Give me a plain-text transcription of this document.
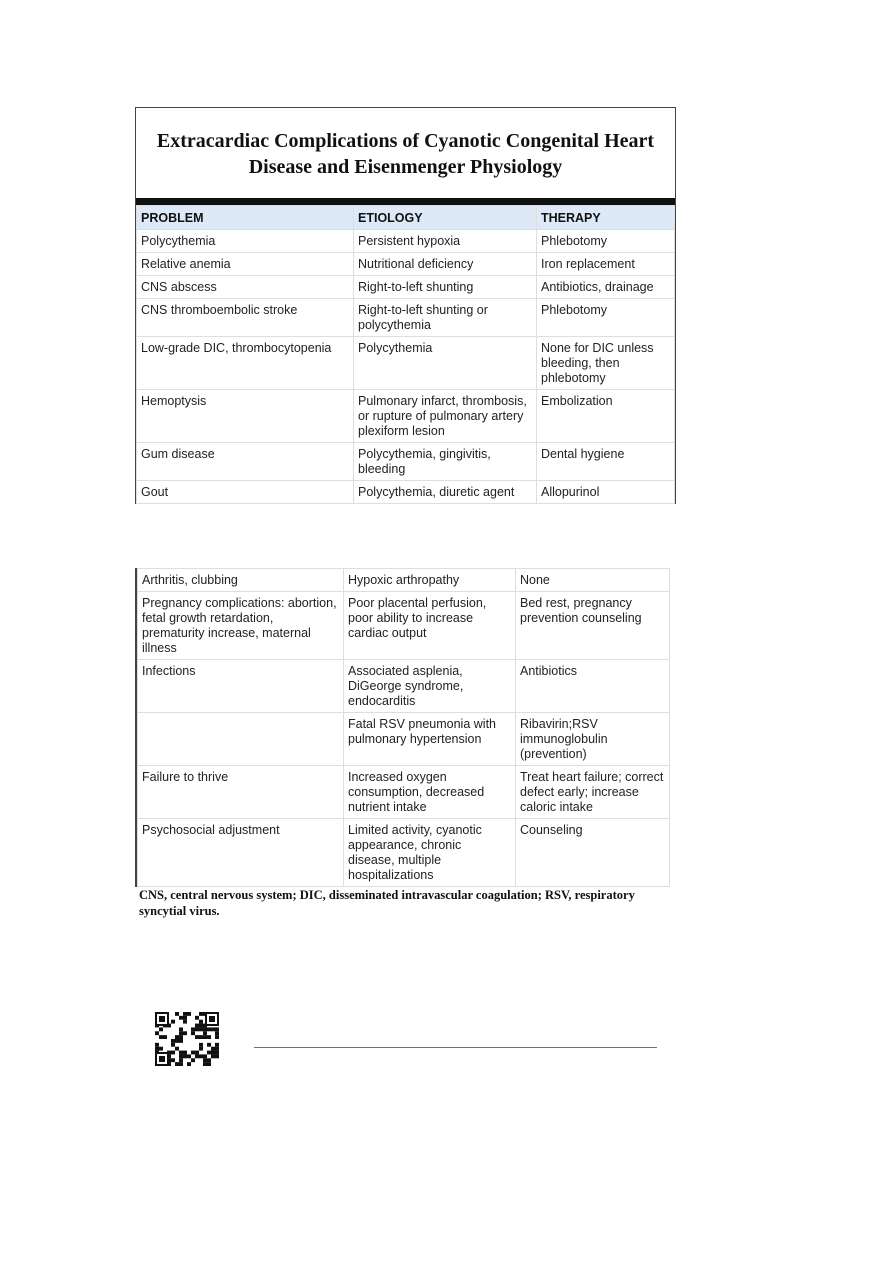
Extracardiac Complications of Cyanotic Congenital Heart Disease and Eisenmenger Physiology
PROBLEM	ETIOLOGY	THERAPY
Polycythemia	Persistent hypoxia	Phlebotomy
Relative anemia	Nutritional deficiency	Iron replacement
CNS abscess	Right-to-left shunting	Antibiotics, drainage
CNS thromboembolic stroke	Right-to-left shunting or polycythemia	Phlebotomy
Low-grade DIC, thrombocytopenia	Polycythemia	None for DIC unless bleeding, then phlebotomy
Hemoptysis	Pulmonary infarct, thrombosis, or rupture of pulmonary artery plexiform lesion	Embolization
Gum disease	Polycythemia, gingivitis, bleeding	Dental hygiene
Gout	Polycythemia, diuretic agent	Allopurinol
Arthritis, clubbing	Hypoxic arthropathy	None
Pregnancy complications: abortion, fetal growth retardation, prematurity increase, maternal illness	Poor placental perfusion, poor ability to increase cardiac output	Bed rest, pregnancy prevention counseling
Infections	Associated asplenia, DiGeorge syndrome, endocarditis	Antibiotics
	Fatal RSV pneumonia with pulmonary hypertension	Ribavirin;RSV immunoglobulin (prevention)
Failure to thrive	Increased oxygen consumption, decreased nutrient intake	Treat heart failure; correct defect early; increase caloric intake
Psychosocial adjustment	Limited activity, cyanotic appearance, chronic disease, multiple hospitalizations	Counseling
CNS, central nervous system; DIC, disseminated intravascular coagulation; RSV, respiratory syncytial virus.
